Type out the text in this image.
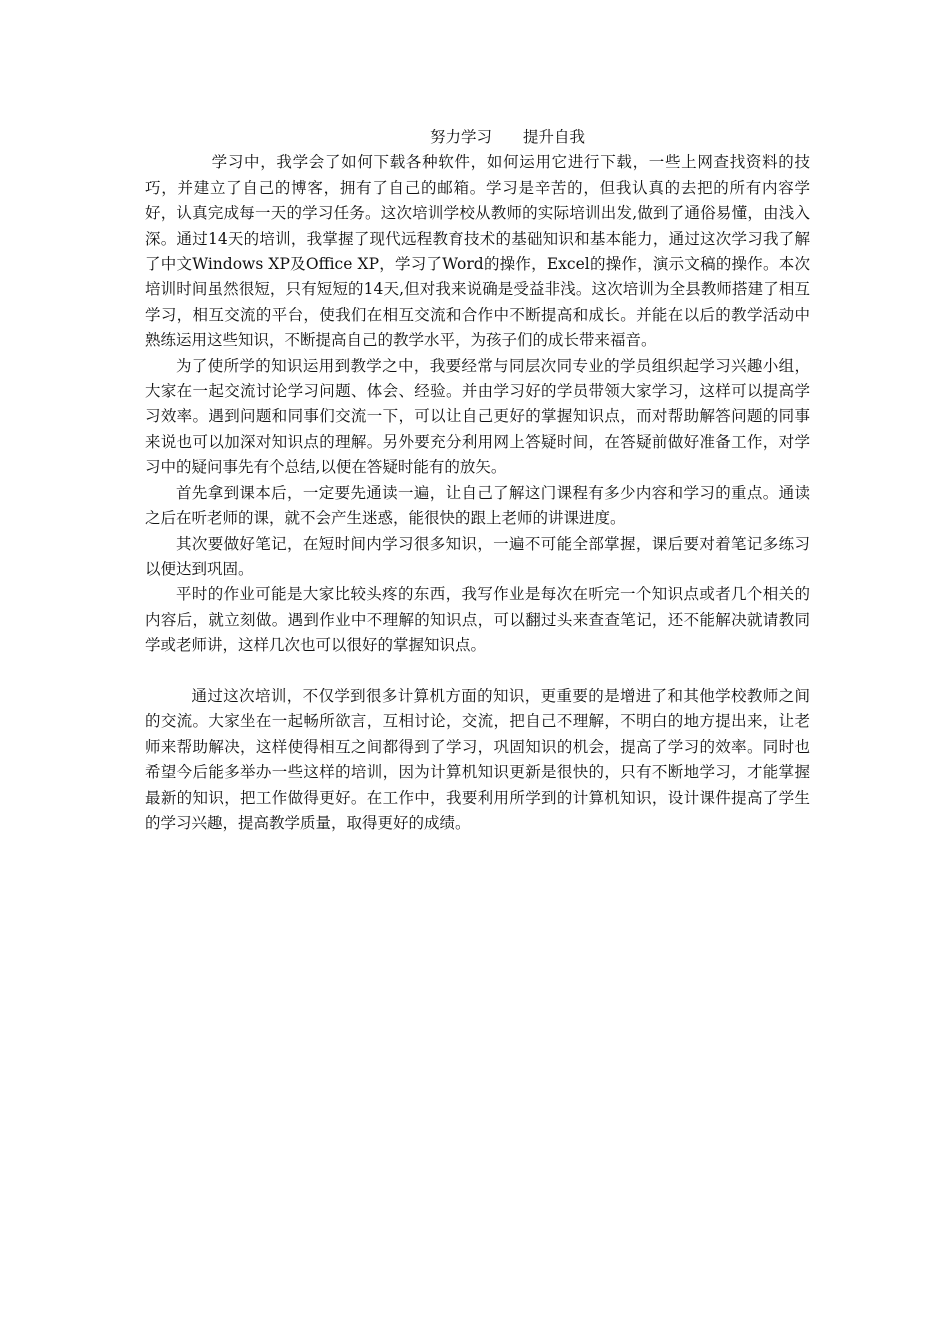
努力学习　　提升自我

学习中，我学会了如何下载各种软件，如何运用它进行下载，一些上网查找资料的技巧，并建立了自己的博客，拥有了自己的邮箱。学习是辛苦的，但我认真的去把的所有内容学好，认真完成每一天的学习任务。这次培训学校从教师的实际培训出发,做到了通俗易懂，由浅入深。通过14天的培训，我掌握了现代远程教育技术的基础知识和基本能力，通过这次学习我了解了中文Windows XP及Office XP，学习了Word的操作，Excel的操作，演示文稿的操作。本次培训时间虽然很短，只有短短的14天,但对我来说确是受益非浅。这次培训为全县教师搭建了相互学习，相互交流的平台，使我们在相互交流和合作中不断提高和成长。并能在以后的教学活动中熟练运用这些知识，不断提高自己的教学水平，为孩子们的成长带来福音。

为了使所学的知识运用到教学之中，我要经常与同层次同专业的学员组织起学习兴趣小组，大家在一起交流讨论学习问题、体会、经验。并由学习好的学员带领大家学习，这样可以提高学习效率。遇到问题和同事们交流一下，可以让自己更好的掌握知识点，而对帮助解答问题的同事来说也可以加深对知识点的理解。另外要充分利用网上答疑时间，在答疑前做好准备工作，对学习中的疑问事先有个总结,以便在答疑时能有的放矢。

首先拿到课本后，一定要先通读一遍，让自己了解这门课程有多少内容和学习的重点。通读之后在听老师的课，就不会产生迷惑，能很快的跟上老师的讲课进度。

其次要做好笔记，在短时间内学习很多知识，一遍不可能全部掌握，课后要对着笔记多练习以便达到巩固。

平时的作业可能是大家比较头疼的东西，我写作业是每次在听完一个知识点或者几个相关的内容后，就立刻做。遇到作业中不理解的知识点，可以翻过头来查查笔记，还不能解决就请教同学或老师讲，这样几次也可以很好的掌握知识点。

通过这次培训，不仅学到很多计算机方面的知识，更重要的是增进了和其他学校教师之间的交流。大家坐在一起畅所欲言，互相讨论，交流，把自己不理解，不明白的地方提出来，让老师来帮助解决，这样使得相互之间都得到了学习，巩固知识的机会，提高了学习的效率。同时也希望今后能多举办一些这样的培训，因为计算机知识更新是很快的，只有不断地学习，才能掌握最新的知识，把工作做得更好。在工作中，我要利用所学到的计算机知识，设计课件提高了学生的学习兴趣，提高教学质量，取得更好的成绩。
